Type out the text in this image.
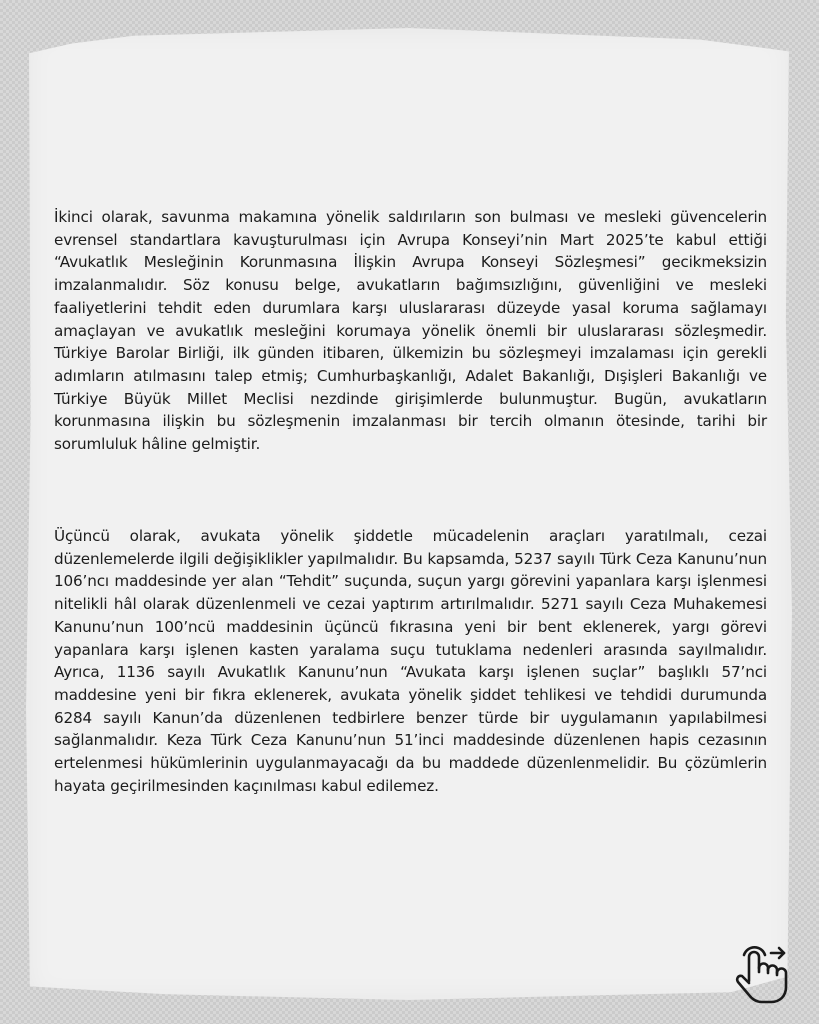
İkinci olarak, savunma makamına yönelik saldırıların son bulması ve mesleki güvencelerin evrensel standartlara kavuşturulması için Avrupa Konseyi’nin Mart 2025’te kabul ettiği “Avukatlık Mesleğinin Korunmasına İlişkin Avrupa Konseyi Sözleşmesi” gecikmeksizin imzalanmalıdır. Söz konusu belge, avukatların bağımsızlığını, güvenliğini ve mesleki faaliyetlerini tehdit eden durumlara karşı uluslararası düzeyde yasal koruma sağlamayı amaçlayan ve avukatlık mesleğini korumaya yönelik önemli bir uluslararası sözleşmedir. Türkiye Barolar Birliği, ilk günden itibaren, ülkemizin bu sözleşmeyi imzalaması için gerekli adımların atılmasını talep etmiş; Cumhurbaşkanlığı, Adalet Bakanlığı, Dışişleri Bakanlığı ve Türkiye Büyük Millet Meclisi nezdinde girişimlerde bulunmuştur. Bugün, avukatların korunmasına ilişkin bu sözleşmenin imzalanması bir tercih olmanın ötesinde, tarihi bir sorumluluk hâline gelmiştir.

Üçüncü olarak, avukata yönelik şiddetle mücadelenin araçları yaratılmalı, cezai düzenlemelerde ilgili değişiklikler yapılmalıdır. Bu kapsamda, 5237 sayılı Türk Ceza Kanunu’nun 106’ncı maddesinde yer alan “Tehdit” suçunda, suçun yargı görevini yapanlara karşı işlenmesi nitelikli hâl olarak düzenlenmeli ve cezai yaptırım artırılmalıdır. 5271 sayılı Ceza Muhakemesi Kanunu’nun 100’ncü maddesinin üçüncü fıkrasına yeni bir bent eklenerek, yargı görevi yapanlara karşı işlenen kasten yaralama suçu tutuklama nedenleri arasında sayılmalıdır. Ayrıca, 1136 sayılı Avukatlık Kanunu’nun “Avukata karşı işlenen suçlar” başlıklı 57’nci maddesine yeni bir fıkra eklenerek, avukata yönelik şiddet tehlikesi ve tehdidi durumunda 6284 sayılı Kanun’da düzenlenen tedbirlere benzer türde bir uygulamanın yapılabilmesi sağlanmalıdır. Keza Türk Ceza Kanunu’nun 51’inci maddesinde düzenlenen hapis cezasının ertelenmesi hükümlerinin uygulanmayacağı da bu maddede düzenlenmelidir. Bu çözümlerin hayata geçirilmesinden kaçınılması kabul edilemez.
